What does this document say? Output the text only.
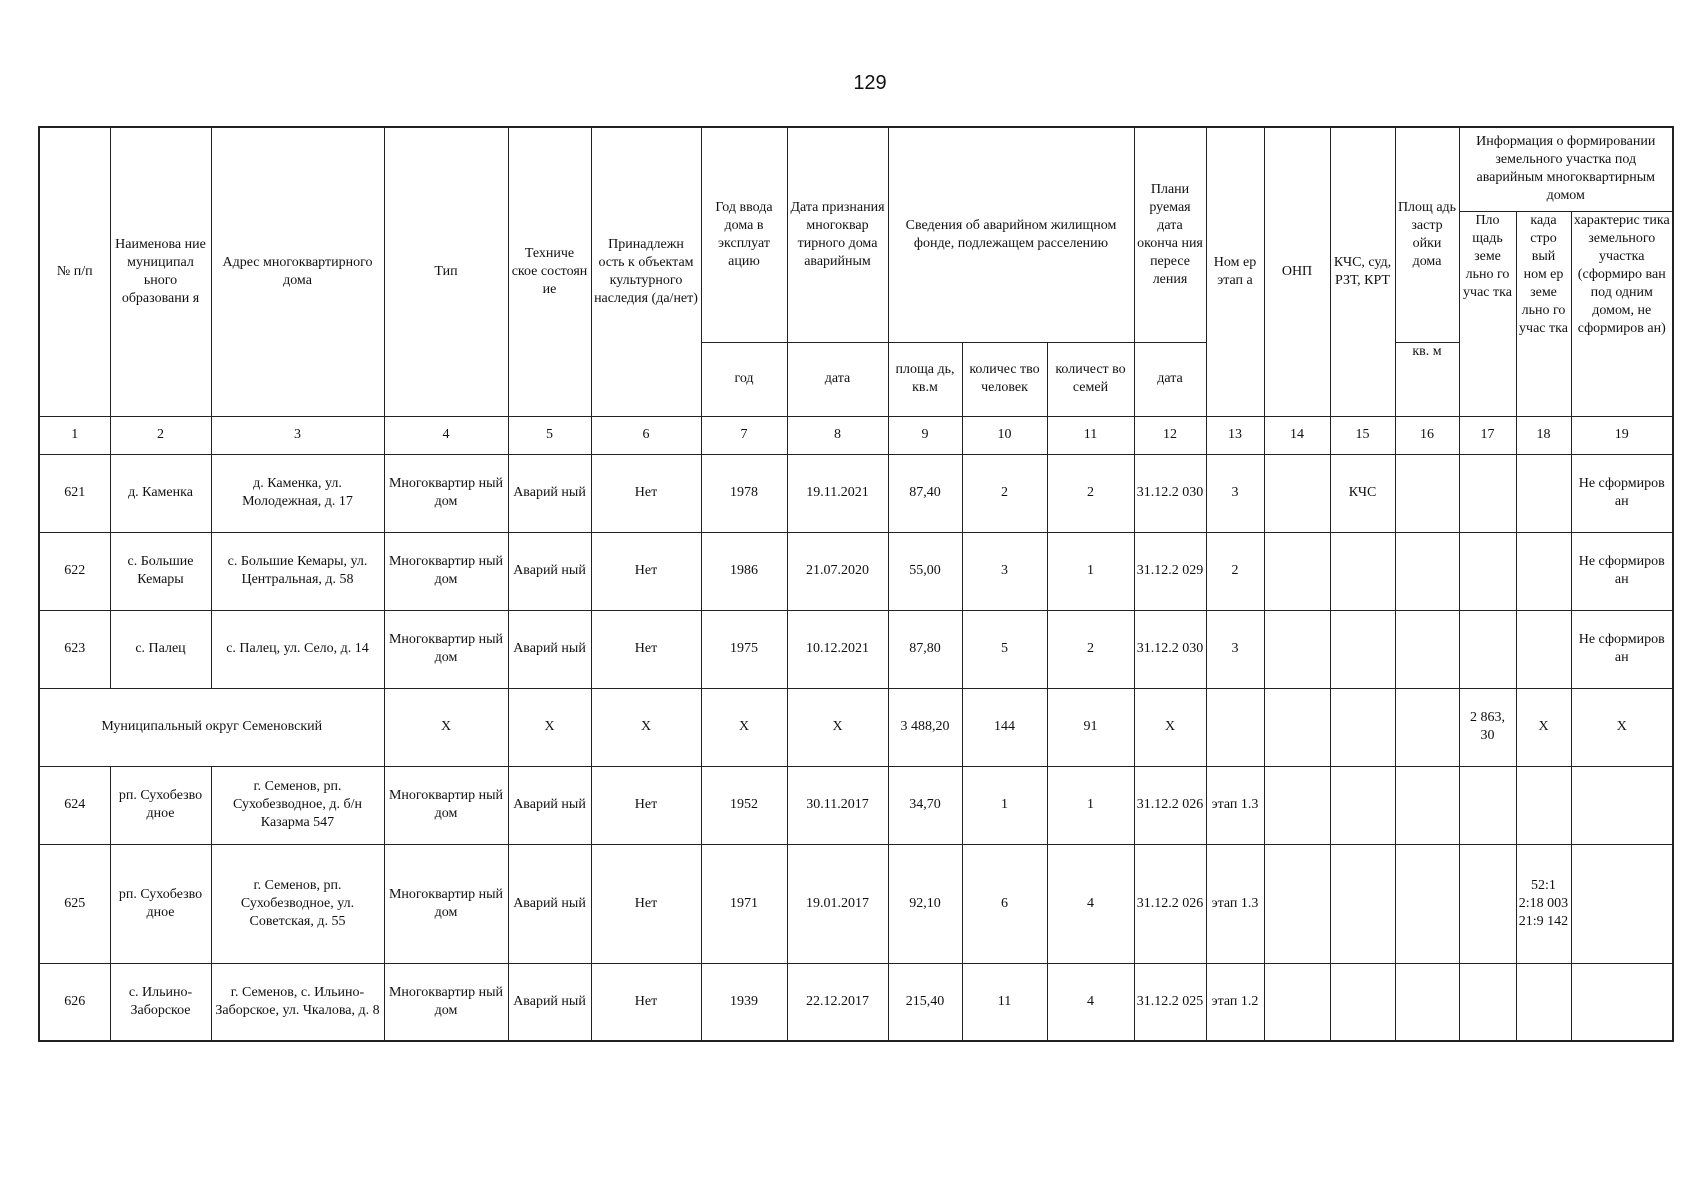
129
№ п/п	Наименова ние муниципал ьного образовани я	Адрес многоквартирного дома	Тип	Техниче ское состоян ие	Принадлежн ость к объектам культурного наследия (да/нет)	Год ввода дома в эксплуат ацию	Дата признания многоквар тирного дома аварийным	Сведения об аварийном жилищном фонде, подлежащем расселению			Плани руемая дата оконча ния пересе ления	Ном ер этап а	ОНП	КЧС, суд, РЗТ, КРТ	Площ адь застр ойки дома	Информация о формировании земельного участка под аварийным многоквартирным домом		
																Пло щадь земе льно го учас тка	када стро вый ном ер земе льно го учас тка	характерис тика земельного участка (сформиро ван под одним домом, не сформиров ан)
						год	дата	площа дь, кв.м	количес тво человек	количест во семей	дата				кв. м			
1	2	3	4	5	6	7	8	9	10	11	12	13	14	15	16	17	18	19
621	д. Каменка	д. Каменка, ул. Молодежная, д. 17	Многоквартир ный дом	Аварий ный	Нет	1978	19.11.2021	87,40	2	2	31.12.2 030	3		КЧС				Не сформиров ан
622	с. Большие Кемары	с. Большие Кемары, ул. Центральная, д. 58	Многоквартир ный дом	Аварий ный	Нет	1986	21.07.2020	55,00	3	1	31.12.2 029	2						Не сформиров ан
623	с. Палец	с. Палец, ул. Село, д. 14	Многоквартир ный дом	Аварий ный	Нет	1975	10.12.2021	87,80	5	2	31.12.2 030	3						Не сформиров ан
Муниципальный округ Семеновский			Х	Х	Х	Х	Х	3 488,20	144	91	Х					2 863, 30	Х	Х
624	рп. Сухобезво дное	г. Семенов, рп. Сухобезводное, д. б/н Казарма 547	Многоквартир ный дом	Аварий ный	Нет	1952	30.11.2017	34,70	1	1	31.12.2 026	этап 1.3						
625	рп. Сухобезво дное	г. Семенов, рп. Сухобезводное, ул. Советская, д. 55	Многоквартир ный дом	Аварий ный	Нет	1971	19.01.2017	92,10	6	4	31.12.2 026	этап 1.3					52:1 2:18 003 21:9 142	
626	с. Ильино- Заборское	г. Семенов, с. Ильино-Заборское, ул. Чкалова, д. 8	Многоквартир ный дом	Аварий ный	Нет	1939	22.12.2017	215,40	11	4	31.12.2 025	этап 1.2						
